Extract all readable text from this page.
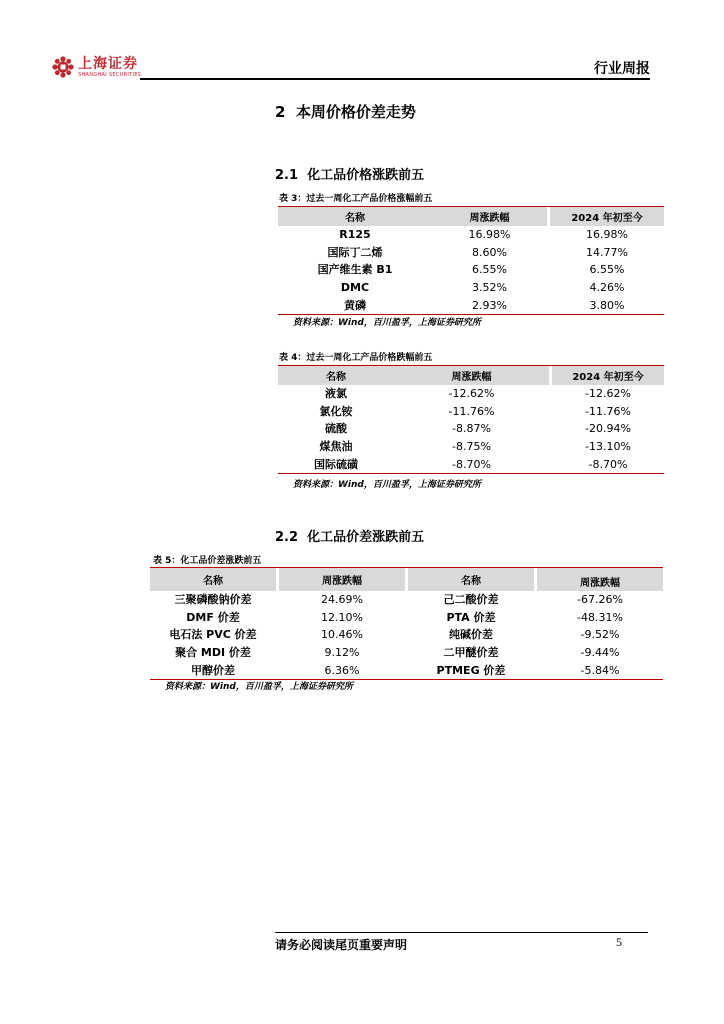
上海证券
SHANGHAI SECURITIES	行业周报
2  本周价格价差走势
2.1  化工品价格涨跌前五
表 3：过去一周化工产品价格涨幅前五
名称	周涨跌幅		2024 年初至今
R125	16.98%		16.98%
国际丁二烯	8.60%		14.77%
国产维生素 B1	6.55%		6.55%
DMC	3.52%		4.26%
黄磷	2.93%		3.80%
资料来源：Wind，百川盈孚，上海证券研究所
表 4：过去一周化工产品价格跌幅前五
名称	周涨跌幅		2024 年初至今
液氯	-12.62%		-12.62%
氯化铵	-11.76%		-11.76%
硫酸	-8.87%		-20.94%
煤焦油	-8.75%		-13.10%
国际硫磺	-8.70%		-8.70%
资料来源：Wind，百川盈孚，上海证券研究所
2.2  化工品价差涨跌前五
表 5：化工品价差涨跌前五
名称		周涨跌幅		名称		周涨跌幅
三聚磷酸钠价差		24.69%		己二酸价差		-67.26%
DMF 价差		12.10%		PTA 价差		-48.31%
电石法 PVC 价差		10.46%		纯碱价差		-9.52%
聚合 MDI 价差		9.12%		二甲醚价差		-9.44%
甲醇价差		6.36%		PTMEG 价差		-5.84%
资料来源：Wind，百川盈孚，上海证券研究所
请务必阅读尾页重要声明	5
